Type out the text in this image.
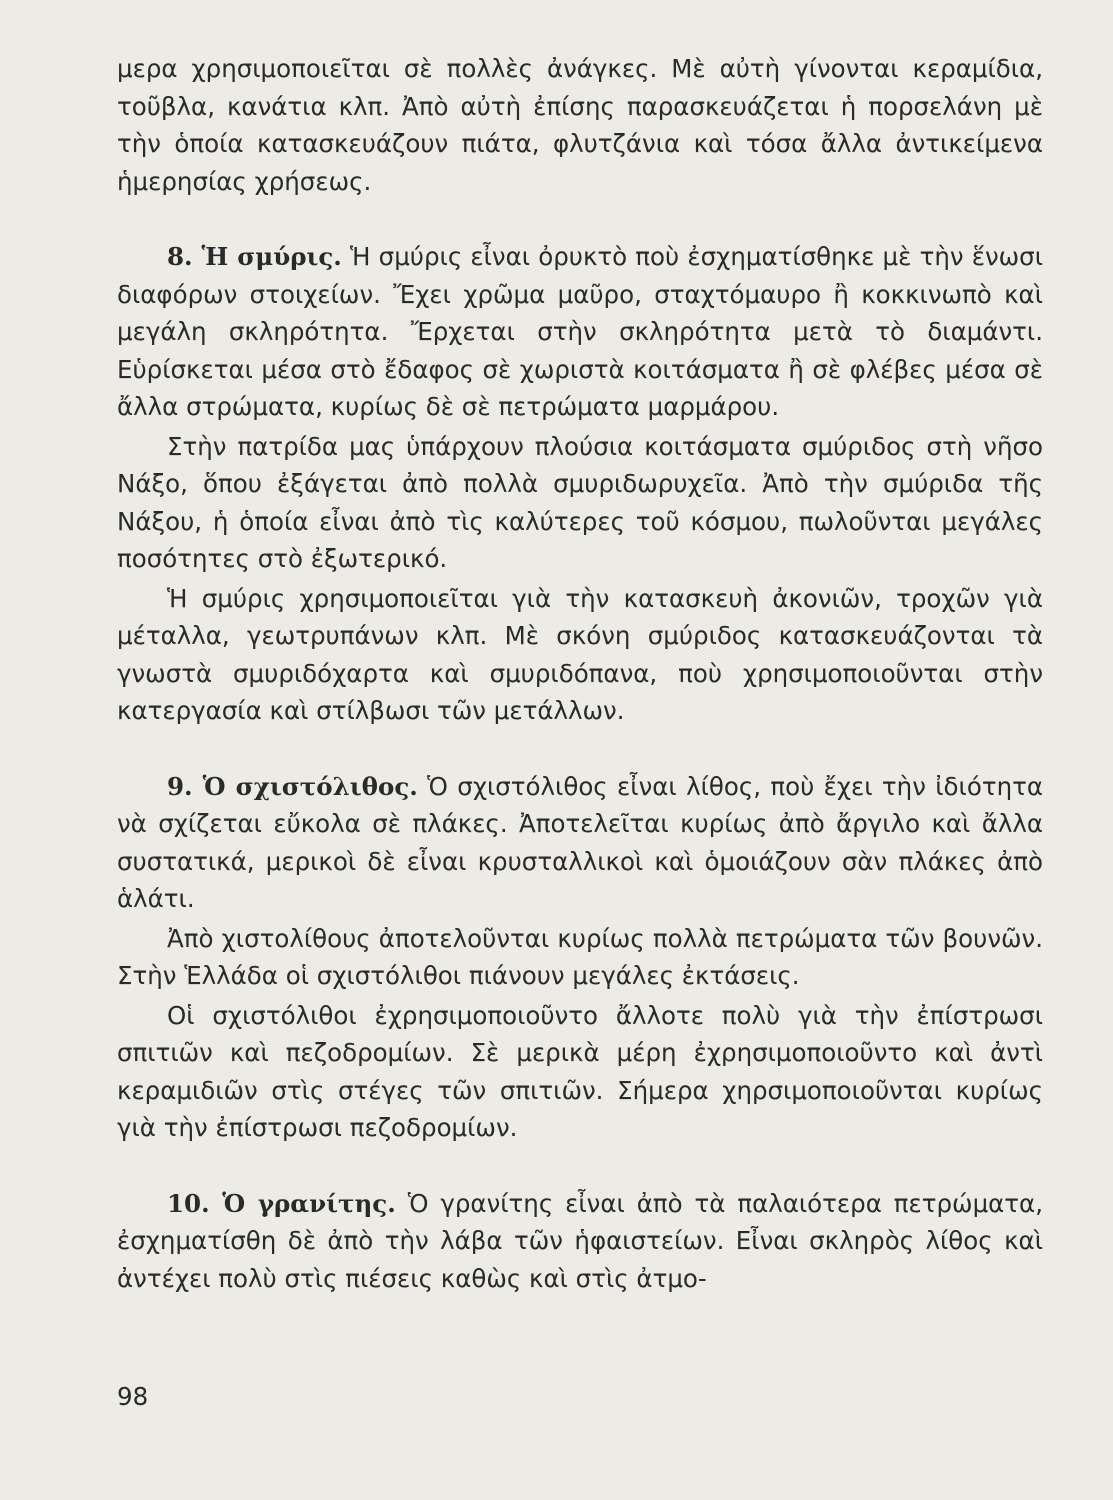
μερα χρησιμοποιεῖται σὲ πολλὲς ἀνάγκες. Μὲ αὐτὴ γίνονται κεραμίδια, τοῦβλα, κανάτια κλπ. Ἀπὸ αὐτὴ ἐπίσης παρασκευάζεται ἡ πορσελάνη μὲ τὴν ὁποία κατασκευάζουν πιάτα, φλυτζάνια καὶ τόσα ἄλλα ἀντικείμενα ἡμερησίας χρήσεως.

8. Ἡ σμύρις. Ἡ σμύρις εἶναι ὀρυκτὸ ποὺ ἐσχηματίσθηκε μὲ τὴν ἕνωσι διαφόρων στοιχείων. Ἔχει χρῶμα μαῦρο, σταχτόμαυρο ἢ κοκκινωπὸ καὶ μεγάλη σκληρότητα. Ἔρχεται στὴν σκληρότητα μετὰ τὸ διαμάντι. Εὑρίσκεται μέσα στὸ ἔδαφος σὲ χωριστὰ κοιτάσματα ἢ σὲ φλέβες μέσα σὲ ἄλλα στρώματα, κυρίως δὲ σὲ πετρώματα μαρμάρου.

Στὴν πατρίδα μας ὑπάρχουν πλούσια κοιτάσματα σμύριδος στὴ νῆσο Νάξο, ὅπου ἐξάγεται ἀπὸ πολλὰ σμυριδωρυχεῖα. Ἀπὸ τὴν σμύριδα τῆς Νάξου, ἡ ὁποία εἶναι ἀπὸ τὶς καλύτερες τοῦ κόσμου, πωλοῦνται μεγάλες ποσότητες στὸ ἐξωτερικό.

Ἡ σμύρις χρησιμοποιεῖται γιὰ τὴν κατασκευὴ ἀκονιῶν, τροχῶν γιὰ μέταλλα, γεωτρυπάνων κλπ. Μὲ σκόνη σμύριδος κατασκευάζονται τὰ γνωστὰ σμυριδόχαρτα καὶ σμυριδόπανα, ποὺ χρησιμοποιοῦνται στὴν κατεργασία καὶ στίλβωσι τῶν μετάλλων.

9. Ὁ σχιστόλιθος. Ὁ σχιστόλιθος εἶναι λίθος, ποὺ ἔχει τὴν ἰδιότητα νὰ σχίζεται εὔκολα σὲ πλάκες. Ἀποτελεῖται κυρίως ἀπὸ ἄργιλο καὶ ἄλλα συστατικά, μερικοὶ δὲ εἶναι κρυσταλλικοὶ καὶ ὁμοιάζουν σὰν πλάκες ἀπὸ ἁλάτι.

Ἀπὸ χιστολίθους ἀποτελοῦνται κυρίως πολλὰ πετρώματα τῶν βουνῶν. Στὴν Ἑλλάδα οἱ σχιστόλιθοι πιάνουν μεγάλες ἐκτάσεις.

Οἱ σχιστόλιθοι ἐχρησιμοποιοῦντο ἄλλοτε πολὺ γιὰ τὴν ἐπίστρωσι σπιτιῶν καὶ πεζοδρομίων. Σὲ μερικὰ μέρη ἐχρησιμοποιοῦντο καὶ ἀντὶ κεραμιδιῶν στὶς στέγες τῶν σπιτιῶν. Σήμερα χηρσιμοποιοῦνται κυρίως γιὰ τὴν ἐπίστρωσι πεζοδρομίων.

10. Ὁ γρανίτης. Ὁ γρανίτης εἶναι ἀπὸ τὰ παλαιότερα πετρώματα, ἐσχηματίσθη δὲ ἀπὸ τὴν λάβα τῶν ἡφαιστείων. Εἶναι σκληρὸς λίθος καὶ ἀντέχει πολὺ στὶς πιέσεις καθὼς καὶ στὶς ἀτμο-

98
